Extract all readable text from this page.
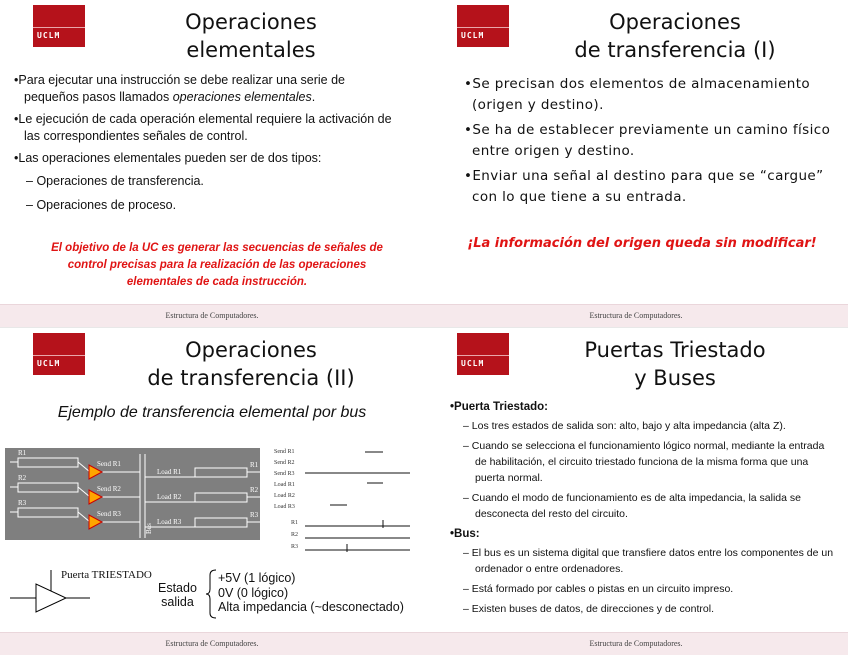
UCLM
Operaciones
elementales
•Para ejecutar una instrucción se debe realizar una serie de pequeños pasos llamados operaciones elementales.
•Le ejecución de cada operación elemental requiere la activación de las correspondientes señales de control.
•Las operaciones elementales pueden ser de dos tipos:
– Operaciones de transferencia.
– Operaciones de proceso.
El objetivo de la UC es generar las secuencias de señales de control precisas para la realización de las operaciones elementales de cada instrucción.
Estructura de Computadores.
UCLM
Operaciones
de transferencia (I)
•Se precisan dos elementos de almacenamiento (origen y destino).
•Se ha de establecer previamente un camino físico entre origen y destino.
•Enviar una señal al destino para que se “cargue” con lo que tiene a su entrada.
¡La información del origen queda sin modificar!
Estructura de Computadores.
UCLM
Operaciones
de transferencia (II)
Ejemplo de transferencia elemental por bus
R1
R2
R3
Send R1
Send R2
Send R3
Load R1
Load R2
Load R3
R1
R2
R3
Bus
Send R1
Send R2
Send R3
Load R1
Load R2
Load R3
R1
R2
R3
Puerta TRIESTADO
Estado
salida
+5V (1 lógico)
0V (0 lógico)
Alta impedancia (~desconectado)
Estructura de Computadores.
UCLM
Puertas Triestado
y Buses
•Puerta Triestado:
– Los tres estados de salida son: alto, bajo y alta impedancia (alta Z).
– Cuando se selecciona el funcionamiento lógico normal, mediante la entrada de habilitación, el circuito triestado funciona de la misma forma que una puerta normal.
– Cuando el modo de funcionamiento es de alta impedancia, la salida se desconecta del resto del circuito.
•Bus:
– El bus es un sistema digital que transfiere datos entre los componentes de un ordenador o entre ordenadores.
– Está formado por cables o pistas en un circuito impreso.
– Existen buses de datos, de direcciones y de control.
Estructura de Computadores.
